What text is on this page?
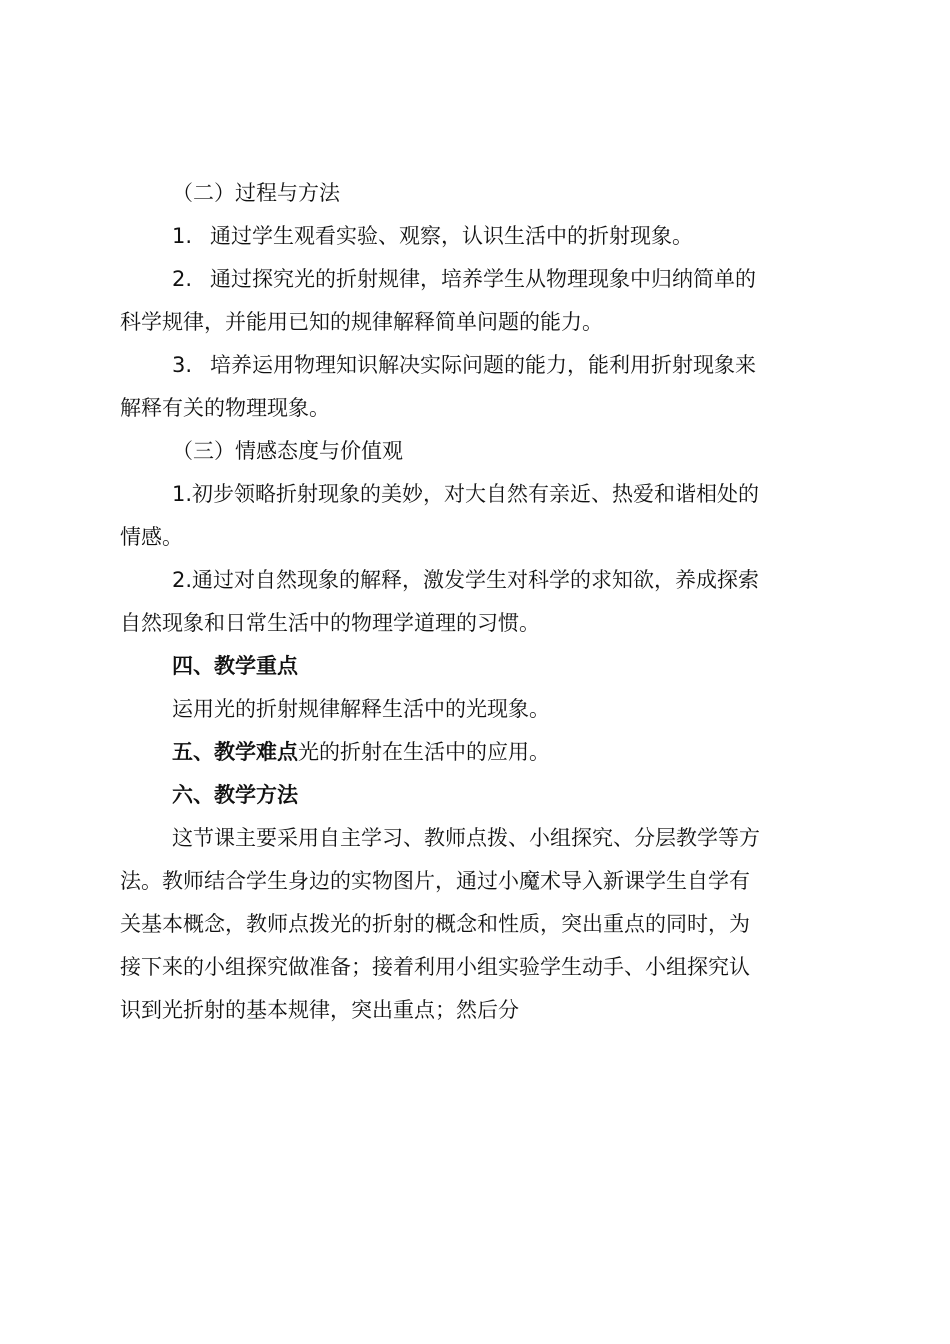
（二）过程与方法
1. 通过学生观看实验、观察，认识生活中的折射现象。
2. 通过探究光的折射规律，培养学生从物理现象中归纳简单的
科学规律，并能用已知的规律解释简单问题的能力。
3. 培养运用物理知识解决实际问题的能力，能利用折射现象来
解释有关的物理现象。
（三）情感态度与价值观
1.初步领略折射现象的美妙，对大自然有亲近、热爱和谐相处的
情感。
2.通过对自然现象的解释，激发学生对科学的求知欲，养成探索
自然现象和日常生活中的物理学道理的习惯。
四、教学重点
运用光的折射规律解释生活中的光现象。
五、教学难点光的折射在生活中的应用。
六、教学方法
这节课主要采用自主学习、教师点拨、小组探究、分层教学等方
法。教师结合学生身边的实物图片，通过小魔术导入新课学生自学有
关基本概念，教师点拨光的折射的概念和性质，突出重点的同时，为
接下来的小组探究做准备；接着利用小组实验学生动手、小组探究认
识到光折射的基本规律，突出重点；然后分
